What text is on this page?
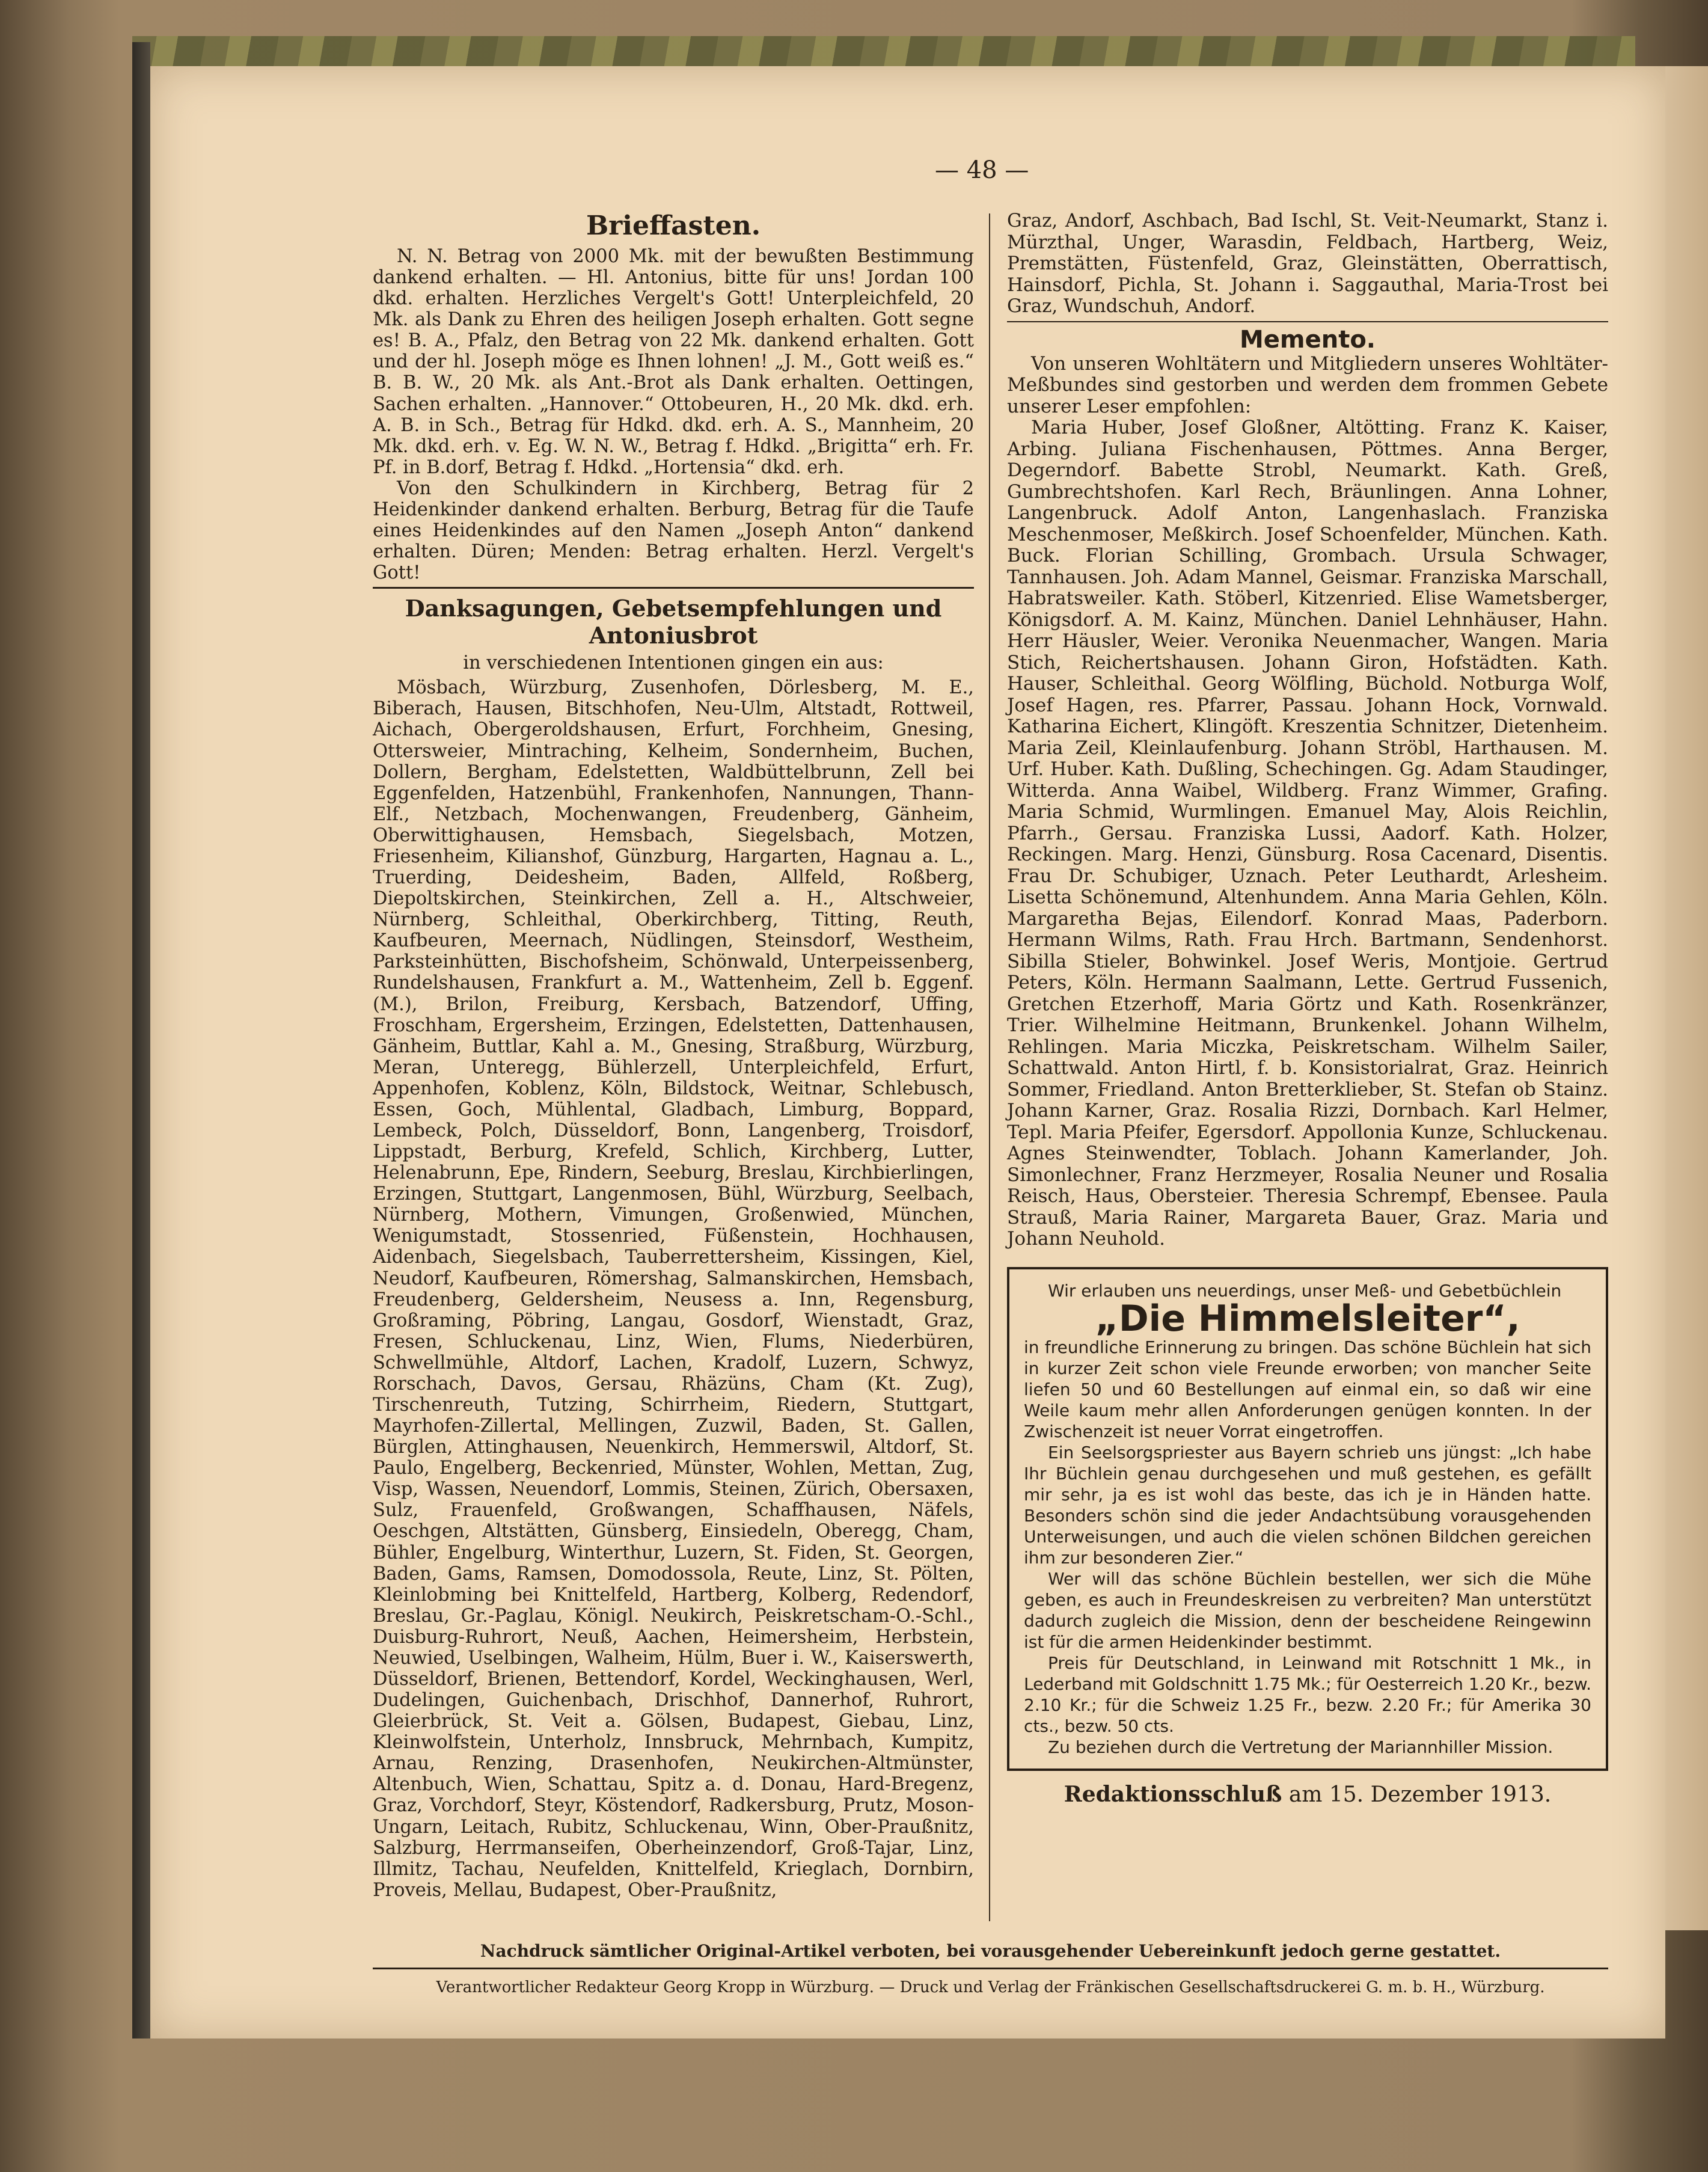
— 48 —
Brieffasten.

N. N. Betrag von 2000 Mk. mit der bewußten Bestimmung dankend erhalten. — Hl. Antonius, bitte für uns! Jordan 100 dkd. erhalten. Herzliches Vergelt's Gott! Unterpleichfeld, 20 Mk. als Dank zu Ehren des heiligen Joseph erhalten. Gott segne es! B. A., Pfalz, den Betrag von 22 Mk. dankend erhalten. Gott und der hl. Joseph möge es Ihnen lohnen! „J. M., Gott weiß es.“ B. B. W., 20 Mk. als Ant.-Brot als Dank erhalten. Oettingen, Sachen erhalten. „Hannover.“ Ottobeuren, H., 20 Mk. dkd. erh. A. B. in Sch., Betrag für Hdkd. dkd. erh. A. S., Mannheim, 20 Mk. dkd. erh. v. Eg. W. N. W., Betrag f. Hdkd. „Brigitta“ erh. Fr. Pf. in B.dorf, Betrag f. Hdkd. „Hortensia“ dkd. erh.

Von den Schulkindern in Kirchberg, Betrag für 2 Heidenkinder dankend erhalten. Berburg, Betrag für die Taufe eines Heidenkindes auf den Namen „Joseph Anton“ dankend erhalten. Düren; Menden: Betrag erhalten. Herzl. Vergelt's Gott!

Danksagungen, Gebetsempfehlungen und Antoniusbrot
in verschiedenen Intentionen gingen ein aus:

Mösbach, Würzburg, Zusenhofen, Dörlesberg, M. E., Biberach, Hausen, Bitschhofen, Neu-Ulm, Altstadt, Rottweil, Aichach, Obergeroldshausen, Erfurt, Forchheim, Gnesing, Ottersweier, Mintraching, Kelheim, Sondernheim, Buchen, Dollern, Bergham, Edelstetten, Waldbüttelbrunn, Zell bei Eggenfelden, Hatzenbühl, Frankenhofen, Nannungen, Thann-Elf., Netzbach, Mochenwangen, Freudenberg, Gänheim, Oberwittighausen, Hemsbach, Siegelsbach, Motzen, Friesenheim, Kilianshof, Günzburg, Hargarten, Hagnau a. L., Truerding, Deidesheim, Baden, Allfeld, Roßberg, Diepoltskirchen, Steinkirchen, Zell a. H., Altschweier, Nürnberg, Schleithal, Oberkirchberg, Titting, Reuth, Kaufbeuren, Meernach, Nüdlingen, Steinsdorf, Westheim, Parksteinhütten, Bischofsheim, Schönwald, Unterpeissenberg, Rundelshausen, Frankfurt a. M., Wattenheim, Zell b. Eggenf. (M.), Brilon, Freiburg, Kersbach, Batzendorf, Uffing, Froschham, Ergersheim, Erzingen, Edelstetten, Dattenhausen, Gänheim, Buttlar, Kahl a. M., Gnesing, Straßburg, Würzburg, Meran, Unteregg, Bühlerzell, Unterpleichfeld, Erfurt, Appenhofen, Koblenz, Köln, Bildstock, Weitnar, Schlebusch, Essen, Goch, Mühlental, Gladbach, Limburg, Boppard, Lembeck, Polch, Düsseldorf, Bonn, Langenberg, Troisdorf, Lippstadt, Berburg, Krefeld, Schlich, Kirchberg, Lutter, Helenabrunn, Epe, Rindern, Seeburg, Breslau, Kirchbierlingen, Erzingen, Stuttgart, Langenmosen, Bühl, Würzburg, Seelbach, Nürnberg, Mothern, Vimungen, Großenwied, München, Wenigumstadt, Stossenried, Füßenstein, Hochhausen, Aidenbach, Siegelsbach, Tauberrettersheim, Kissingen, Kiel, Neudorf, Kaufbeuren, Römershag, Salmanskirchen, Hemsbach, Freudenberg, Geldersheim, Neusess a. Inn, Regensburg, Großraming, Pöbring, Langau, Gosdorf, Wienstadt, Graz, Fresen, Schluckenau, Linz, Wien, Flums, Niederbüren, Schwellmühle, Altdorf, Lachen, Kradolf, Luzern, Schwyz, Rorschach, Davos, Gersau, Rhäzüns, Cham (Kt. Zug), Tirschenreuth, Tutzing, Schirrheim, Riedern, Stuttgart, Mayrhofen-Zillertal, Mellingen, Zuzwil, Baden, St. Gallen, Bürglen, Attinghausen, Neuenkirch, Hemmerswil, Altdorf, St. Paulo, Engelberg, Beckenried, Münster, Wohlen, Mettan, Zug, Visp, Wassen, Neuendorf, Lommis, Steinen, Zürich, Obersaxen, Sulz, Frauenfeld, Großwangen, Schaffhausen, Näfels, Oeschgen, Altstätten, Günsberg, Einsiedeln, Oberegg, Cham, Bühler, Engelburg, Winterthur, Luzern, St. Fiden, St. Georgen, Baden, Gams, Ramsen, Domodossola, Reute, Linz, St. Pölten, Kleinlobming bei Knittelfeld, Hartberg, Kolberg, Redendorf, Breslau, Gr.-Paglau, Königl. Neukirch, Peiskretscham-O.-Schl., Duisburg-Ruhrort, Neuß, Aachen, Heimersheim, Herbstein, Neuwied, Uselbingen, Walheim, Hülm, Buer i. W., Kaiserswerth, Düsseldorf, Brienen, Bettendorf, Kordel, Weckinghausen, Werl, Dudelingen, Guichenbach, Drischhof, Dannerhof, Ruhrort, Gleierbrück, St. Veit a. Gölsen, Budapest, Giebau, Linz, Kleinwolfstein, Unterholz, Innsbruck, Mehrnbach, Kumpitz, Arnau, Renzing, Drasenhofen, Neukirchen-Altmünster, Altenbuch, Wien, Schattau, Spitz a. d. Donau, Hard-Bregenz, Graz, Vorchdorf, Steyr, Köstendorf, Radkersburg, Prutz, Moson-Ungarn, Leitach, Rubitz, Schluckenau, Winn, Ober-Praußnitz, Salzburg, Herrmanseifen, Oberheinzendorf, Groß-Tajar, Linz, Illmitz, Tachau, Neufelden, Knittelfeld, Krieglach, Dornbirn, Proveis, Mellau, Budapest, Ober-Praußnitz,

Graz, Andorf, Aschbach, Bad Ischl, St. Veit-Neumarkt, Stanz i. Mürzthal, Unger, Warasdin, Feldbach, Hartberg, Weiz, Premstätten, Füstenfeld, Graz, Gleinstätten, Oberrattisch, Hainsdorf, Pichla, St. Johann i. Saggauthal, Maria-Trost bei Graz, Wundschuh, Andorf.
Memento.

Von unseren Wohltätern und Mitgliedern unseres Wohltäter-Meßbundes sind gestorben und werden dem frommen Gebete unserer Leser empfohlen:

Maria Huber, Josef Gloßner, Altötting. Franz K. Kaiser, Arbing. Juliana Fischenhausen, Pöttmes. Anna Berger, Degerndorf. Babette Strobl, Neumarkt. Kath. Greß, Gumbrechtshofen. Karl Rech, Bräunlingen. Anna Lohner, Langenbruck. Adolf Anton, Langenhaslach. Franziska Meschenmoser, Meßkirch. Josef Schoenfelder, München. Kath. Buck. Florian Schilling, Grombach. Ursula Schwager, Tannhausen. Joh. Adam Mannel, Geismar. Franziska Marschall, Habratsweiler. Kath. Stöberl, Kitzenried. Elise Wametsberger, Königsdorf. A. M. Kainz, München. Daniel Lehnhäuser, Hahn. Herr Häusler, Weier. Veronika Neuenmacher, Wangen. Maria Stich, Reichertshausen. Johann Giron, Hofstädten. Kath. Hauser, Schleithal. Georg Wölfling, Büchold. Notburga Wolf, Josef Hagen, res. Pfarrer, Passau. Johann Hock, Vornwald. Katharina Eichert, Klingöft. Kreszentia Schnitzer, Dietenheim. Maria Zeil, Kleinlaufenburg. Johann Ströbl, Harthausen. M. Urf. Huber. Kath. Dußling, Schechingen. Gg. Adam Staudinger, Witterda. Anna Waibel, Wildberg. Franz Wimmer, Grafing. Maria Schmid, Wurmlingen. Emanuel May, Alois Reichlin, Pfarrh., Gersau. Franziska Lussi, Aadorf. Kath. Holzer, Reckingen. Marg. Henzi, Günsburg. Rosa Cacenard, Disentis. Frau Dr. Schubiger, Uznach. Peter Leuthardt, Arlesheim. Lisetta Schönemund, Altenhundem. Anna Maria Gehlen, Köln. Margaretha Bejas, Eilendorf. Konrad Maas, Paderborn. Hermann Wilms, Rath. Frau Hrch. Bartmann, Sendenhorst. Sibilla Stieler, Bohwinkel. Josef Weris, Montjoie. Gertrud Peters, Köln. Hermann Saalmann, Lette. Gertrud Fussenich, Gretchen Etzerhoff, Maria Görtz und Kath. Rosenkränzer, Trier. Wilhelmine Heitmann, Brunkenkel. Johann Wilhelm, Rehlingen. Maria Miczka, Peiskretscham. Wilhelm Sailer, Schattwald. Anton Hirtl, f. b. Konsistorialrat, Graz. Heinrich Sommer, Friedland. Anton Bretterklieber, St. Stefan ob Stainz. Johann Karner, Graz. Rosalia Rizzi, Dornbach. Karl Helmer, Tepl. Maria Pfeifer, Egersdorf. Appollonia Kunze, Schluckenau. Agnes Steinwendter, Toblach. Johann Kamerlander, Joh. Simonlechner, Franz Herzmeyer, Rosalia Neuner und Rosalia Reisch, Haus, Obersteier. Theresia Schrempf, Ebensee. Paula Strauß, Maria Rainer, Margareta Bauer, Graz. Maria und Johann Neuhold.

Wir erlauben uns neuerdings, unser Meß- und Gebetbüchlein

„Die Himmelsleiter“,

in freundliche Erinnerung zu bringen. Das schöne Büchlein hat sich in kurzer Zeit schon viele Freunde erworben; von mancher Seite liefen 50 und 60 Bestellungen auf einmal ein, so daß wir eine Weile kaum mehr allen Anforderungen genügen konnten. In der Zwischenzeit ist neuer Vorrat eingetroffen.

Ein Seelsorgspriester aus Bayern schrieb uns jüngst: „Ich habe Ihr Büchlein genau durchgesehen und muß gestehen, es gefällt mir sehr, ja es ist wohl das beste, das ich je in Händen hatte. Besonders schön sind die jeder Andachtsübung vorausgehenden Unterweisungen, und auch die vielen schönen Bildchen gereichen ihm zur besonderen Zier.“

Wer will das schöne Büchlein bestellen, wer sich die Mühe geben, es auch in Freundeskreisen zu verbreiten? Man unterstützt dadurch zugleich die Mission, denn der bescheidene Reingewinn ist für die armen Heidenkinder bestimmt.

Preis für Deutschland, in Leinwand mit Rotschnitt 1 Mk., in Lederband mit Goldschnitt 1.75 Mk.; für Oesterreich 1.20 Kr., bezw. 2.10 Kr.; für die Schweiz 1.25 Fr., bezw. 2.20 Fr.; für Amerika 30 cts., bezw. 50 cts.

Zu beziehen durch die Vertretung der Mariannhiller Mission.

Redaktionsschluß am 15. Dezember 1913.
Nachdruck sämtlicher Original-Artikel verboten, bei vorausgehender Uebereinkunft jedoch gerne gestattet.
Verantwortlicher Redakteur Georg Kropp in Würzburg. — Druck und Verlag der Fränkischen Gesellschaftsdruckerei G. m. b. H., Würzburg.
